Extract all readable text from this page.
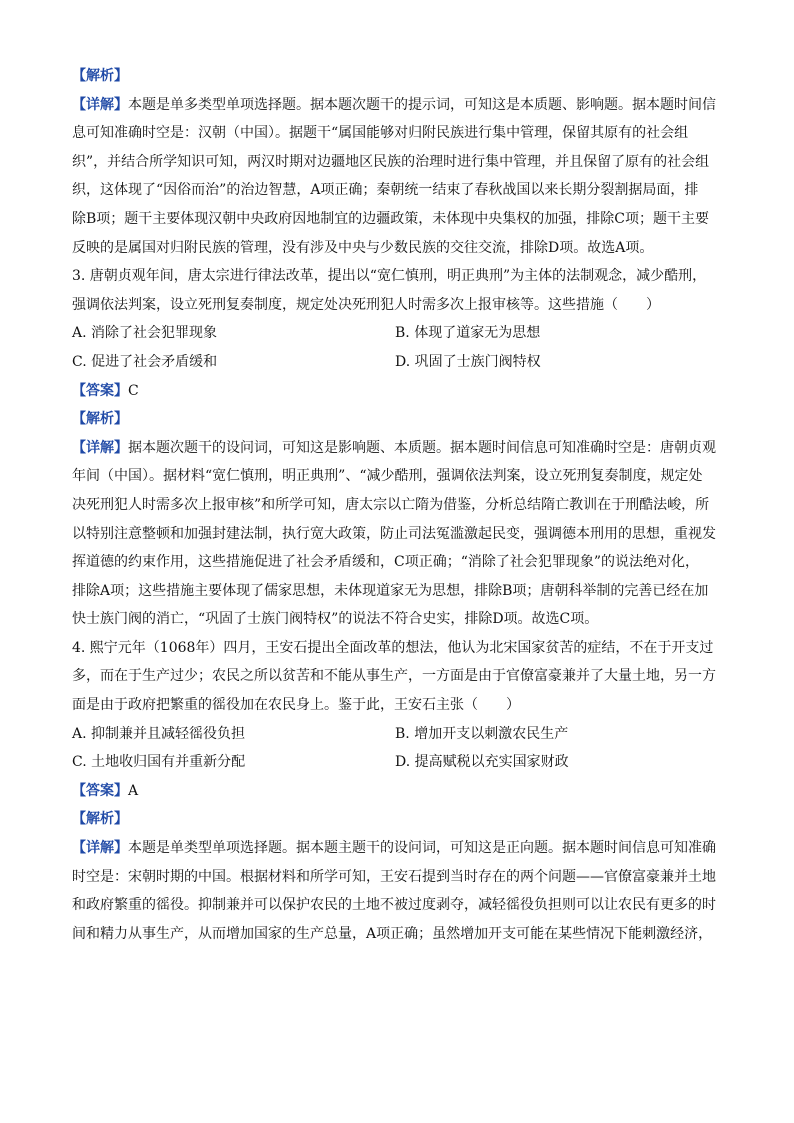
【解析】
【详解】本题是单多类型单项选择题。据本题次题干的提示词，可知这是本质题、影响题。据本题时间信
息可知准确时空是：汉朝（中国）。据题干“属国能够对归附民族进行集中管理，保留其原有的社会组
织”，并结合所学知识可知，两汉时期对边疆地区民族的治理时进行集中管理，并且保留了原有的社会组
织，这体现了“因俗而治”的治边智慧，A项正确；秦朝统一结束了春秋战国以来长期分裂割据局面，排
除B项；题干主要体现汉朝中央政府因地制宜的边疆政策，未体现中央集权的加强，排除C项；题干主要
反映的是属国对归附民族的管理，没有涉及中央与少数民族的交往交流，排除D项。故选A项。
3. 唐朝贞观年间，唐太宗进行律法改革，提出以“宽仁慎刑，明正典刑”为主体的法制观念，减少酷刑，
强调依法判案，设立死刑复奏制度，规定处决死刑犯人时需多次上报审核等。这些措施（　　）
A. 消除了社会犯罪现象	B. 体现了道家无为思想
C. 促进了社会矛盾缓和	D. 巩固了士族门阀特权
【答案】C
【解析】
【详解】据本题次题干的设问词，可知这是影响题、本质题。据本题时间信息可知准确时空是：唐朝贞观
年间（中国）。据材料“宽仁慎刑，明正典刑”、“减少酷刑，强调依法判案，设立死刑复奏制度，规定处
决死刑犯人时需多次上报审核”和所学可知，唐太宗以亡隋为借鉴，分析总结隋亡教训在于刑酷法峻，所
以特别注意整顿和加强封建法制，执行宽大政策，防止司法冤滥激起民变，强调德本刑用的思想，重视发
挥道德的约束作用，这些措施促进了社会矛盾缓和，C项正确；“消除了社会犯罪现象”的说法绝对化，
排除A项；这些措施主要体现了儒家思想，未体现道家无为思想，排除B项；唐朝科举制的完善已经在加
快士族门阀的消亡，“巩固了士族门阀特权”的说法不符合史实，排除D项。故选C项。
4. 熙宁元年（1068年）四月，王安石提出全面改革的想法，他认为北宋国家贫苦的症结，不在于开支过
多，而在于生产过少；农民之所以贫苦和不能从事生产，一方面是由于官僚富豪兼并了大量土地，另一方
面是由于政府把繁重的徭役加在农民身上。鉴于此，王安石主张（　　）
A. 抑制兼并且减轻徭役负担	B. 增加开支以刺激农民生产
C. 土地收归国有并重新分配	D. 提高赋税以充实国家财政
【答案】A
【解析】
【详解】本题是单类型单项选择题。据本题主题干的设问词，可知这是正向题。据本题时间信息可知准确
时空是：宋朝时期的中国。根据材料和所学可知，王安石提到当时存在的两个问题——官僚富豪兼并土地
和政府繁重的徭役。抑制兼并可以保护农民的土地不被过度剥夺，减轻徭役负担则可以让农民有更多的时
间和精力从事生产，从而增加国家的生产总量，A项正确；虽然增加开支可能在某些情况下能刺激经济，
